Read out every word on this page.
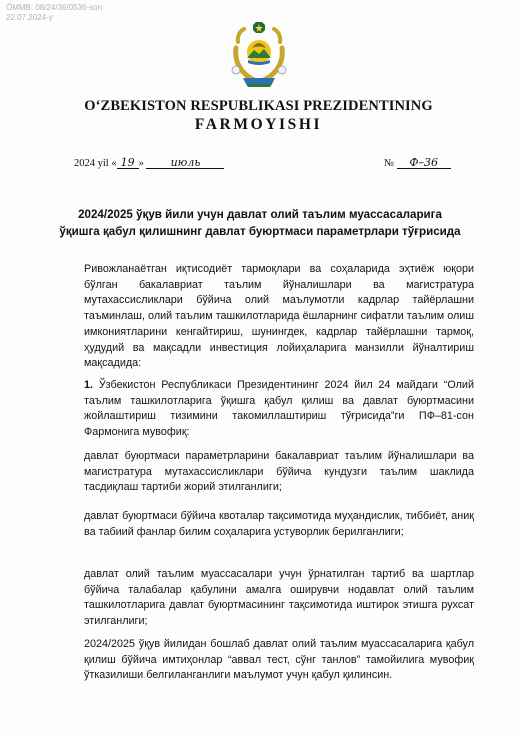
ÖMMB: 08/24/36/0536-son
22.07.2024-y
O‘ZBEKISTON RESPUBLIKASI PREZIDENTINING
FARMOYISHI
2024 yil « 19 » июль	№ Ф–36
2024/2025 ўқув йили учун давлат олий таълим муассасаларига
ўқишга қабул қилишнинг давлат буюртмаси параметрлари тўғрисида

Ривожланаётган иқтисодиёт тармоқлари ва соҳаларида эҳтиёж юқори бўлган бакалавриат таълим йўналишлари ва магистратура мутахассисликлари бўйича олий маълумотли кадрлар тайёрлашни таъминлаш, олий таълим ташкилотларида ёшларнинг сифатли таълим олиш имкониятларини кенгайтириш, шунингдек, кадрлар тайёрлашни тармоқ, ҳудудий ва мақсадли инвестиция лойиҳаларига манзилли йўналтириш мақсадида:

1. Ўзбекистон Республикаси Президентининг 2024 йил 24 майдаги “Олий таълим ташкилотларига ўқишга қабул қилиш ва давлат буюртмасини жойлаштириш тизимини такомиллаштириш тўғрисида”ги ПФ–81-сон Фармонига мувофиқ:

давлат буюртмаси параметрларини бакалавриат таълим йўналишлари ва магистратура мутахассисликлари бўйича кундузги таълим шаклида тасдиқлаш тартиби жорий этилганлиги;

давлат буюртмаси бўйича квоталар тақсимотида муҳандислик, тиббиёт, аниқ ва табиий фанлар билим соҳаларига устуворлик берилганлиги;

давлат олий таълим муассасалари учун ўрнатилган тартиб ва шартлар бўйича талабалар қабулини амалга оширувчи нодавлат олий таълим ташкилотларига давлат буюртмасининг тақсимотида иштирок этишга рухсат этилганлиги;

2024/2025 ўқув йилидан бошлаб давлат олий таълим муассасаларига қабул қилиш бўйича имтиҳонлар “аввал тест, сўнг танлов” тамойилига мувофиқ ўтказилиши белгиланганлиги маълумот учун қабул қилинсин.
